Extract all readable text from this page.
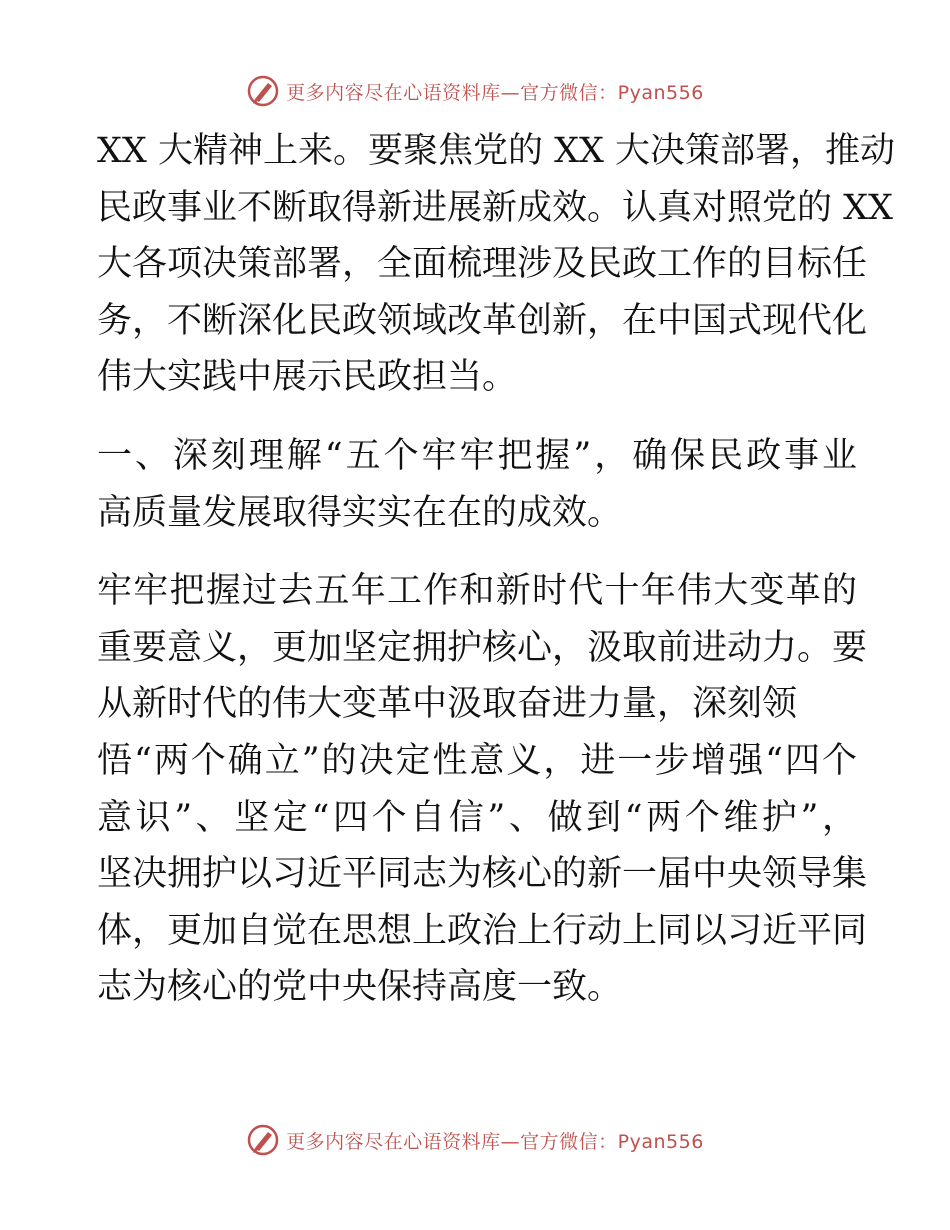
更多内容尽在心语资料库—官方微信：Pyan556
XX 大精神上来。要聚焦党的 XX 大决策部署，推动
民政事业不断取得新进展新成效。认真对照党的 XX
大各项决策部署，全面梳理涉及民政工作的目标任
务，不断深化民政领域改革创新，在中国式现代化
伟大实践中展示民政担当。
一、深刻理解“五个牢牢把握”，确保民政事业
高质量发展取得实实在在的成效。
牢牢把握过去五年工作和新时代十年伟大变革的
重要意义，更加坚定拥护核心，汲取前进动力。要
从新时代的伟大变革中汲取奋进力量，深刻领
悟“两个确立”的决定性意义，进一步增强“四个
意识”、坚定“四个自信”、做到“两个维护”，
坚决拥护以习近平同志为核心的新一届中央领导集
体，更加自觉在思想上政治上行动上同以习近平同
志为核心的党中央保持高度一致。
更多内容尽在心语资料库—官方微信：Pyan556
